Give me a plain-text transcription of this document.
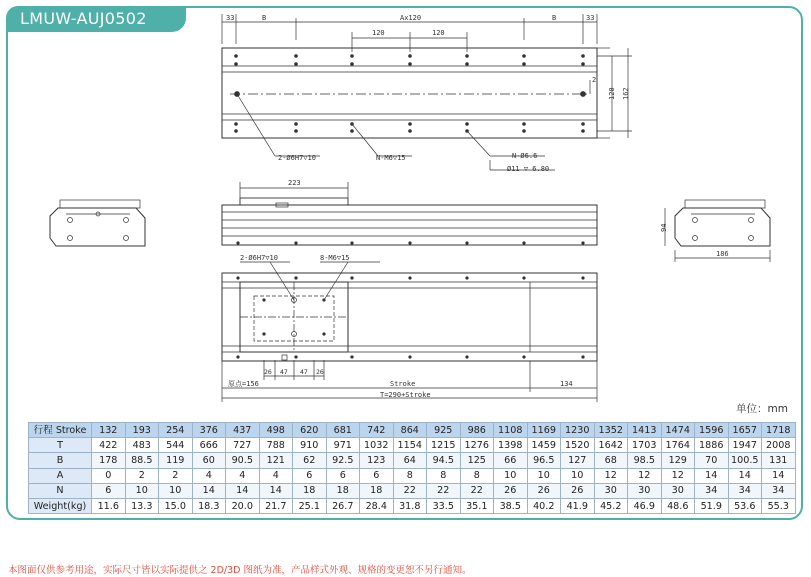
LMUW-AUJ0502	33	B	Ax120	B	33
120	120
2
120 162
2-Ø6H7▽10	N-M6▽15	N-Ø6.6
Ø11 ▽ 6.80
223
186
94
2-Ø6H7▽10	8-M6▽15
26 47 47 26
原点=156	Stroke	134
T=290+Stroke
单位：mm
行程 Stroke	132	193	254	376	437	498	620	681	742	864	925	986	1108	1169	1230	1352	1413	1474	1596	1657	1718
T	422	483	544	666	727	788	910	971	1032	1154	1215	1276	1398	1459	1520	1642	1703	1764	1886	1947	2008
B	178	88.5	119	60	90.5	121	62	92.5	123	64	94.5	125	66	96.5	127	68	98.5	129	70	100.5	131
A	0	2	2	4	4	4	6	6	6	8	8	8	10	10	10	12	12	12	14	14	14
N	6	10	10	14	14	14	18	18	18	22	22	22	26	26	26	30	30	30	34	34	34
Weight(kg)	11.6	13.3	15.0	18.3	20.0	21.7	25.1	26.7	28.4	31.8	33.5	35.1	38.5	40.2	41.9	45.2	46.9	48.6	51.9	53.6	55.3
本图面仅供参考用途，实际尺寸皆以实际提供之 2D/3D 图纸为准，产品样式外观、规格的变更恕不另行通知。
